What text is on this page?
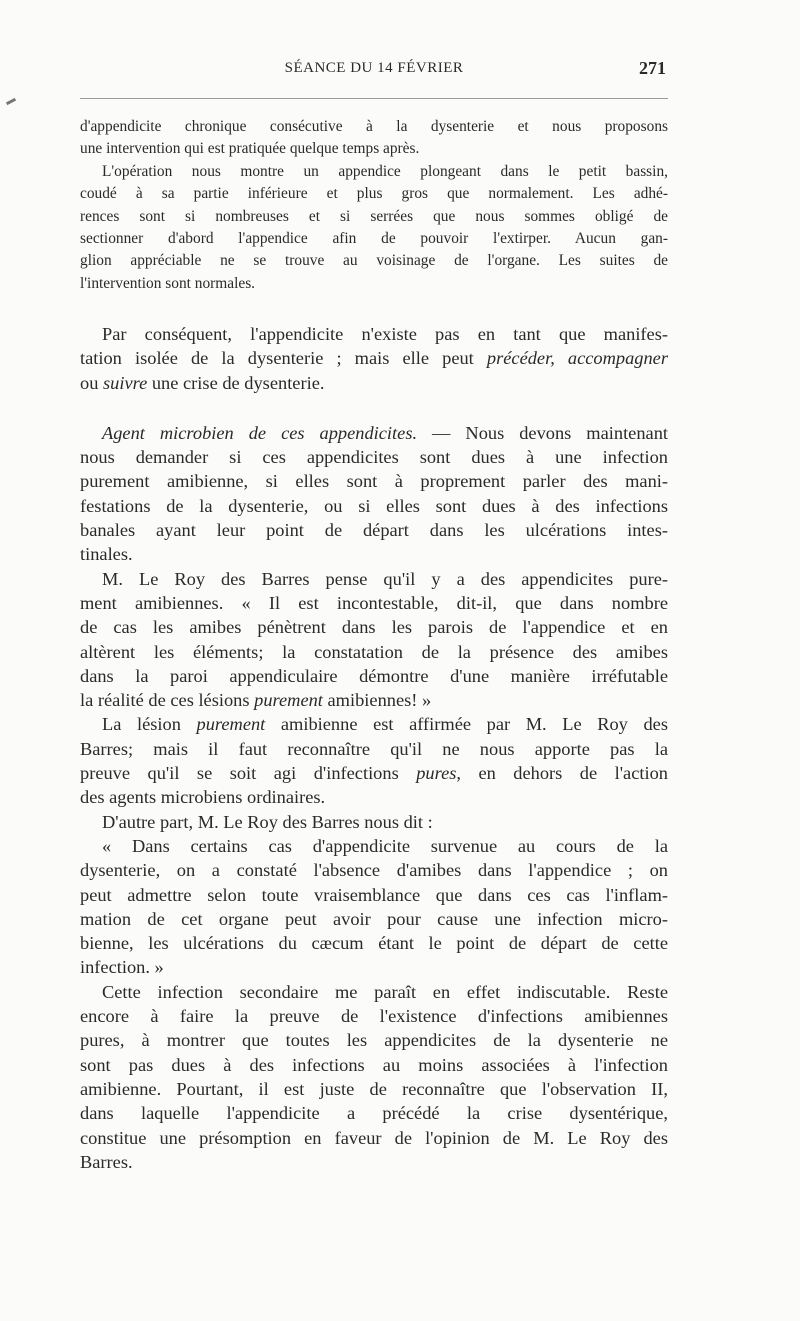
SÉANCE DU 14 FÉVRIER	271
d'appendicite chronique consécutive à la dysenterie et nous proposons
une intervention qui est pratiquée quelque temps après.
L'opération nous montre un appendice plongeant dans le petit bassin,
coudé à sa partie inférieure et plus gros que normalement. Les adhé-
rences sont si nombreuses et si serrées que nous sommes obligé de
sectionner d'abord l'appendice afin de pouvoir l'extirper. Aucun gan-
glion appréciable ne se trouve au voisinage de l'organe. Les suites de
l'intervention sont normales.
Par conséquent, l'appendicite n'existe pas en tant que manifes-
tation isolée de la dysenterie ; mais elle peut précéder, accompagner
ou suivre une crise de dysenterie.
Agent microbien de ces appendicites. — Nous devons maintenant
nous demander si ces appendicites sont dues à une infection
purement amibienne, si elles sont à proprement parler des mani-
festations de la dysenterie, ou si elles sont dues à des infections
banales ayant leur point de départ dans les ulcérations intes-
tinales.
M. Le Roy des Barres pense qu'il y a des appendicites pure-
ment amibiennes. « Il est incontestable, dit-il, que dans nombre
de cas les amibes pénètrent dans les parois de l'appendice et en
altèrent les éléments; la constatation de la présence des amibes
dans la paroi appendiculaire démontre d'une manière irréfutable
la réalité de ces lésions purement amibiennes! »
La lésion purement amibienne est affirmée par M. Le Roy des
Barres; mais il faut reconnaître qu'il ne nous apporte pas la
preuve qu'il se soit agi d'infections pures, en dehors de l'action
des agents microbiens ordinaires.
D'autre part, M. Le Roy des Barres nous dit :
« Dans certains cas d'appendicite survenue au cours de la
dysenterie, on a constaté l'absence d'amibes dans l'appendice ; on
peut admettre selon toute vraisemblance que dans ces cas l'inflam-
mation de cet organe peut avoir pour cause une infection micro-
bienne, les ulcérations du cæcum étant le point de départ de cette
infection. »
Cette infection secondaire me paraît en effet indiscutable. Reste
encore à faire la preuve de l'existence d'infections amibiennes
pures, à montrer que toutes les appendicites de la dysenterie ne
sont pas dues à des infections au moins associées à l'infection
amibienne. Pourtant, il est juste de reconnaître que l'observation II,
dans laquelle l'appendicite a précédé la crise dysentérique,
constitue une présomption en faveur de l'opinion de M. Le Roy des
Barres.
